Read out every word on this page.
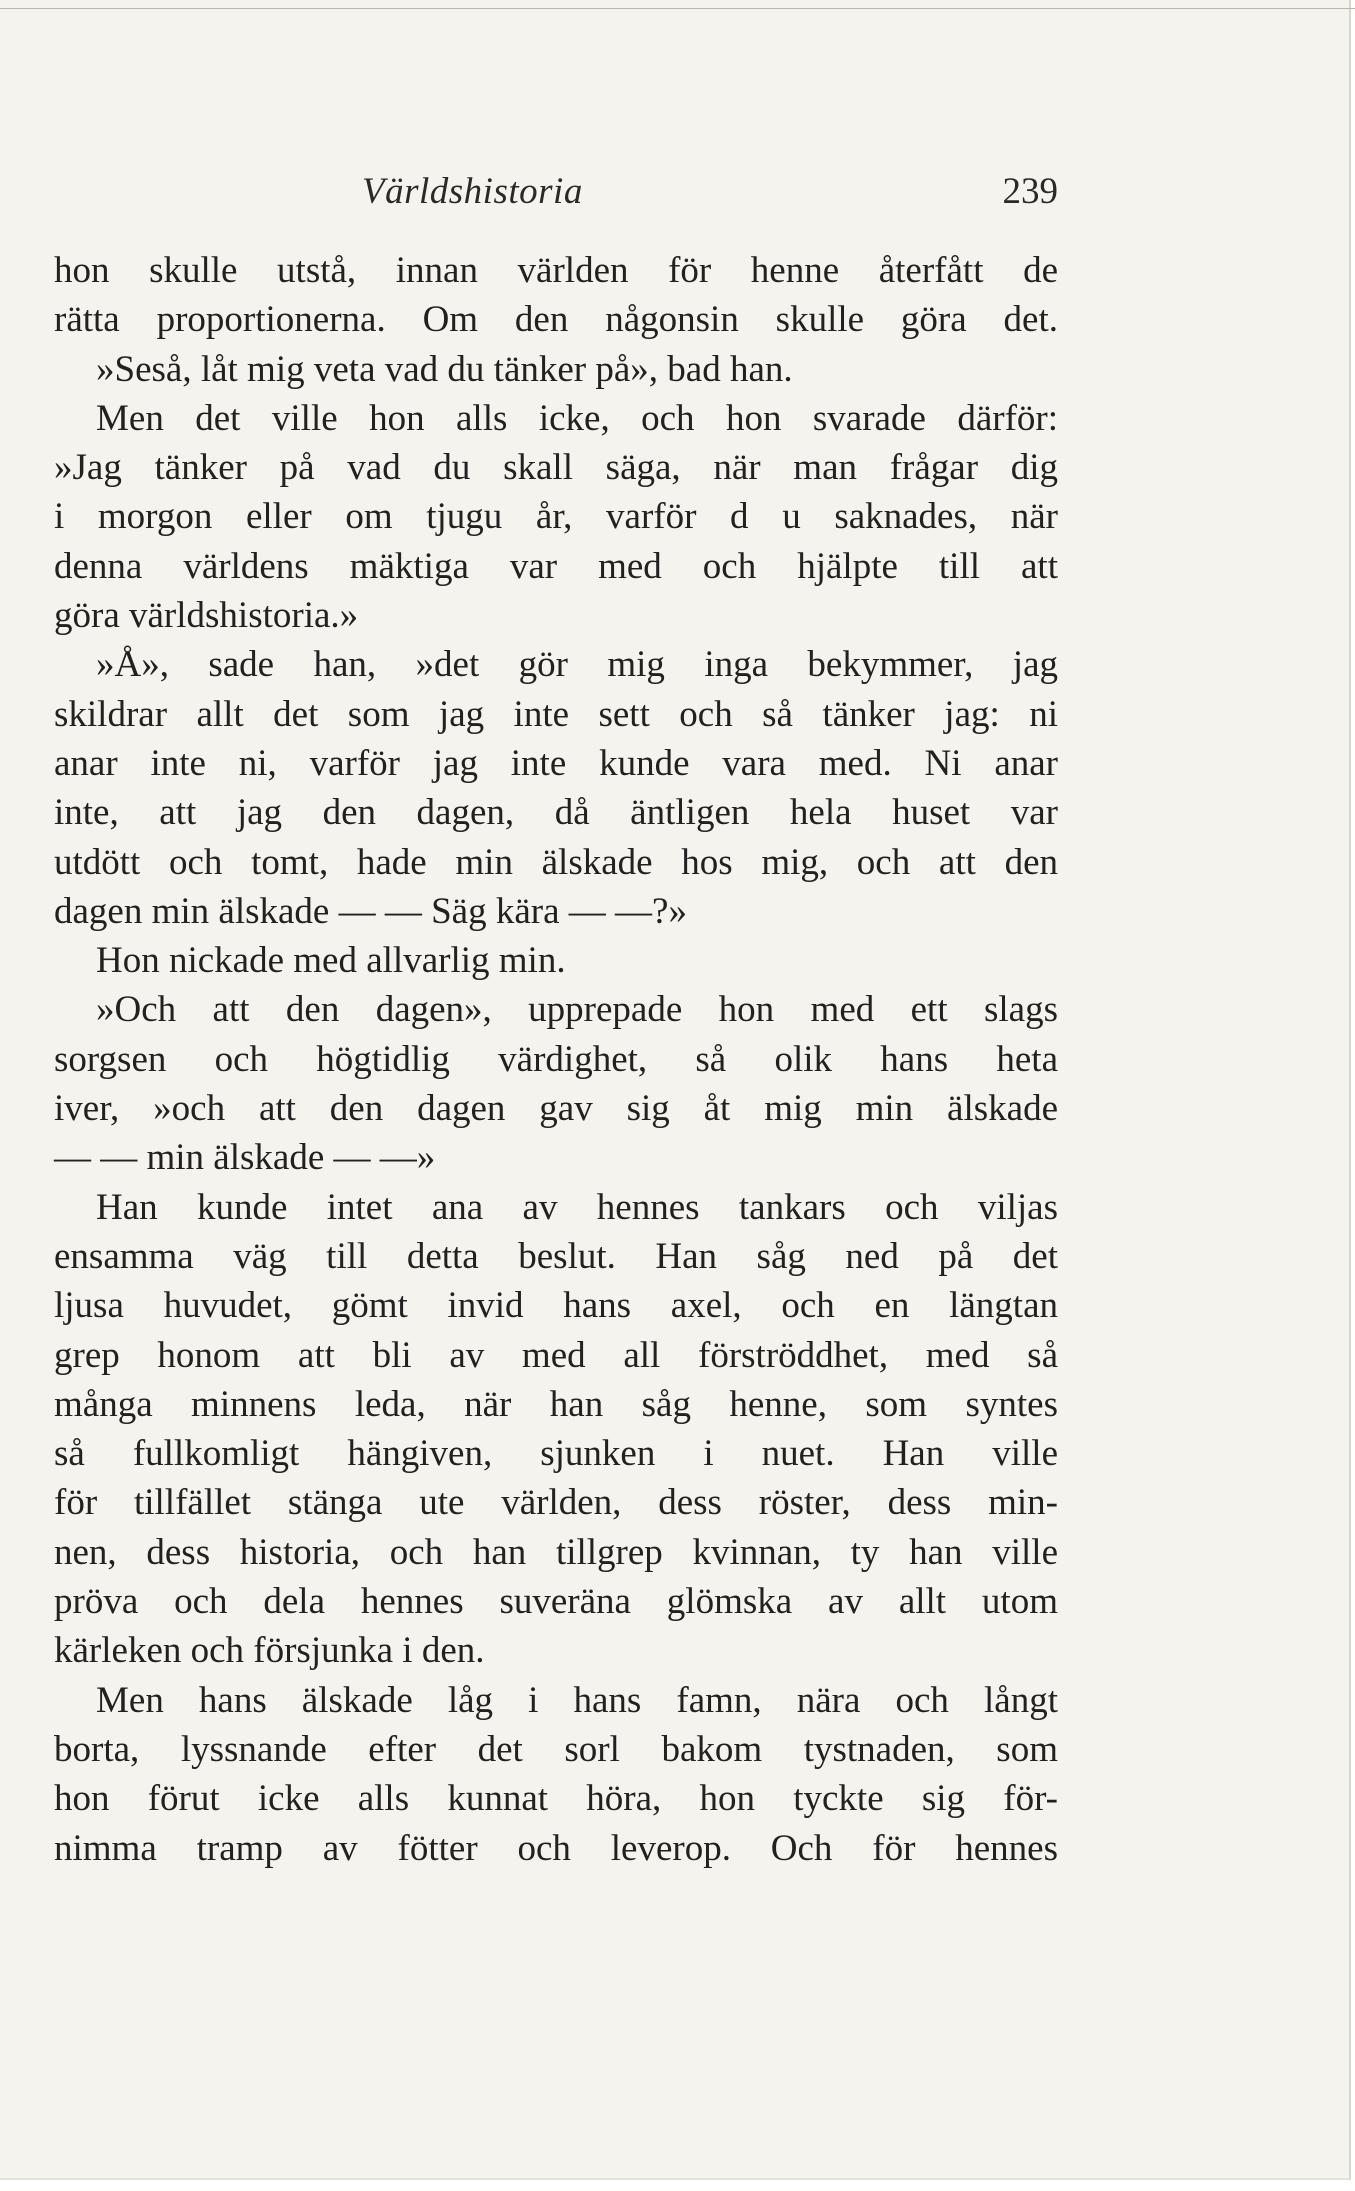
Världshistoria	239
hon skulle utstå, innan världen för henne återfått de
rätta proportionerna. Om den någonsin skulle göra det.
»Seså, låt mig veta vad du tänker på», bad han.
Men det ville hon alls icke, och hon svarade därför:
»Jag tänker på vad du skall säga, när man frågar dig
i morgon eller om tjugu år, varför d u saknades, när
denna världens mäktiga var med och hjälpte till att
göra världshistoria.»
»Å», sade han, »det gör mig inga bekymmer, jag
skildrar allt det som jag inte sett och så tänker jag: ni
anar inte ni, varför jag inte kunde vara med. Ni anar
inte, att jag den dagen, då äntligen hela huset var
utdött och tomt, hade min älskade hos mig, och att den
dagen min älskade — — Säg kära — —?»
Hon nickade med allvarlig min.
»Och att den dagen», upprepade hon med ett slags
sorgsen och högtidlig värdighet, så olik hans heta
iver, »och att den dagen gav sig åt mig min älskade
— — min älskade — —»
Han kunde intet ana av hennes tankars och viljas
ensamma väg till detta beslut. Han såg ned på det
ljusa huvudet, gömt invid hans axel, och en längtan
grep honom att bli av med all förströddhet, med så
många minnens leda, när han såg henne, som syntes
så fullkomligt hängiven, sjunken i nuet. Han ville
för tillfället stänga ute världen, dess röster, dess min-
nen, dess historia, och han tillgrep kvinnan, ty han ville
pröva och dela hennes suveräna glömska av allt utom
kärleken och försjunka i den.
Men hans älskade låg i hans famn, nära och långt
borta, lyssnande efter det sorl bakom tystnaden, som
hon förut icke alls kunnat höra, hon tyckte sig för-
nimma tramp av fötter och leverop. Och för hennes
